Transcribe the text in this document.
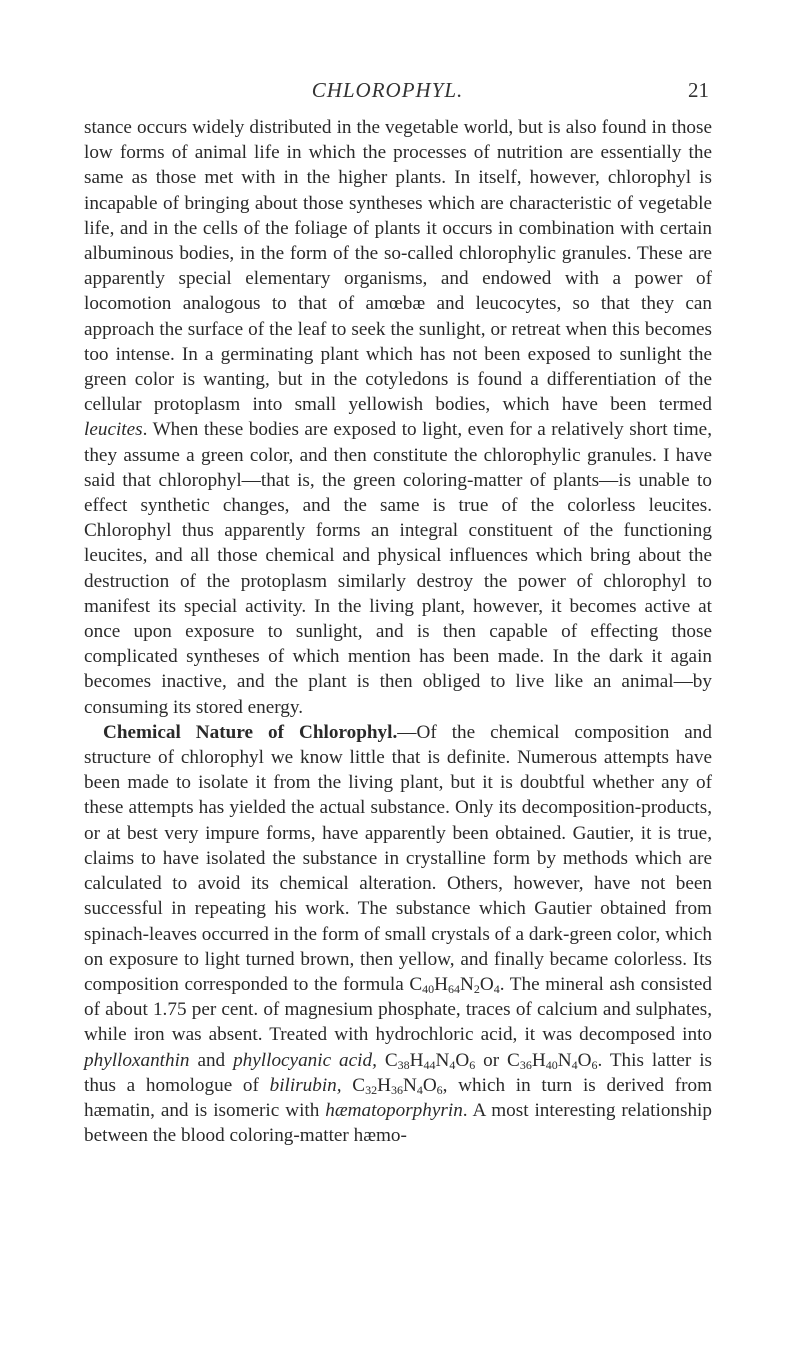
CHLOROPHYL.	21

stance occurs widely distributed in the vegetable world, but is also found in those low forms of animal life in which the processes of nutrition are essentially the same as those met with in the higher plants. In itself, however, chlorophyl is incapable of bringing about those syntheses which are characteristic of vegetable life, and in the cells of the foliage of plants it occurs in combination with certain albuminous bodies, in the form of the so-called chlorophylic granules. These are apparently special elementary organisms, and endowed with a power of locomotion analogous to that of amœbæ and leucocytes, so that they can approach the surface of the leaf to seek the sunlight, or retreat when this becomes too intense. In a germinating plant which has not been exposed to sunlight the green color is wanting, but in the cotyledons is found a differentiation of the cellular protoplasm into small yellowish bodies, which have been termed leucites. When these bodies are exposed to light, even for a relatively short time, they assume a green color, and then constitute the chlorophylic granules. I have said that chlorophyl—that is, the green coloring-matter of plants—is unable to effect synthetic changes, and the same is true of the colorless leucites. Chlorophyl thus apparently forms an integral constituent of the functioning leucites, and all those chemical and physical influences which bring about the destruction of the protoplasm similarly destroy the power of chlorophyl to manifest its special activity. In the living plant, however, it becomes active at once upon exposure to sunlight, and is then capable of effecting those complicated syntheses of which mention has been made. In the dark it again becomes inactive, and the plant is then obliged to live like an animal—by consuming its stored energy.

Chemical Nature of Chlorophyl.—Of the chemical composition and structure of chlorophyl we know little that is definite. Numerous attempts have been made to isolate it from the living plant, but it is doubtful whether any of these attempts has yielded the actual substance. Only its decomposition-products, or at best very impure forms, have apparently been obtained. Gautier, it is true, claims to have isolated the substance in crystalline form by methods which are calculated to avoid its chemical alteration. Others, however, have not been successful in repeating his work. The substance which Gautier obtained from spinach-leaves occurred in the form of small crystals of a dark-green color, which on exposure to light turned brown, then yellow, and finally became colorless. Its composition corresponded to the formula $C_{40}H_{64}N_2O_4$. The mineral ash consisted of about 1.75 per cent. of magnesium phosphate, traces of calcium and sulphates, while iron was absent. Treated with hydrochloric acid, it was decomposed into phylloxanthin and phyllocyanic acid, $C_{38}H_{44}N_4O_6$ or $C_{36}H_{40}N_4O_6$. This latter is thus a homologue of bilirubin, $C_{32}H_{36}N_4O_6$, which in turn is derived from hæmatin, and is isomeric with hæmatoporphyrin. A most interesting relationship between the blood coloring-matter hæmo-
